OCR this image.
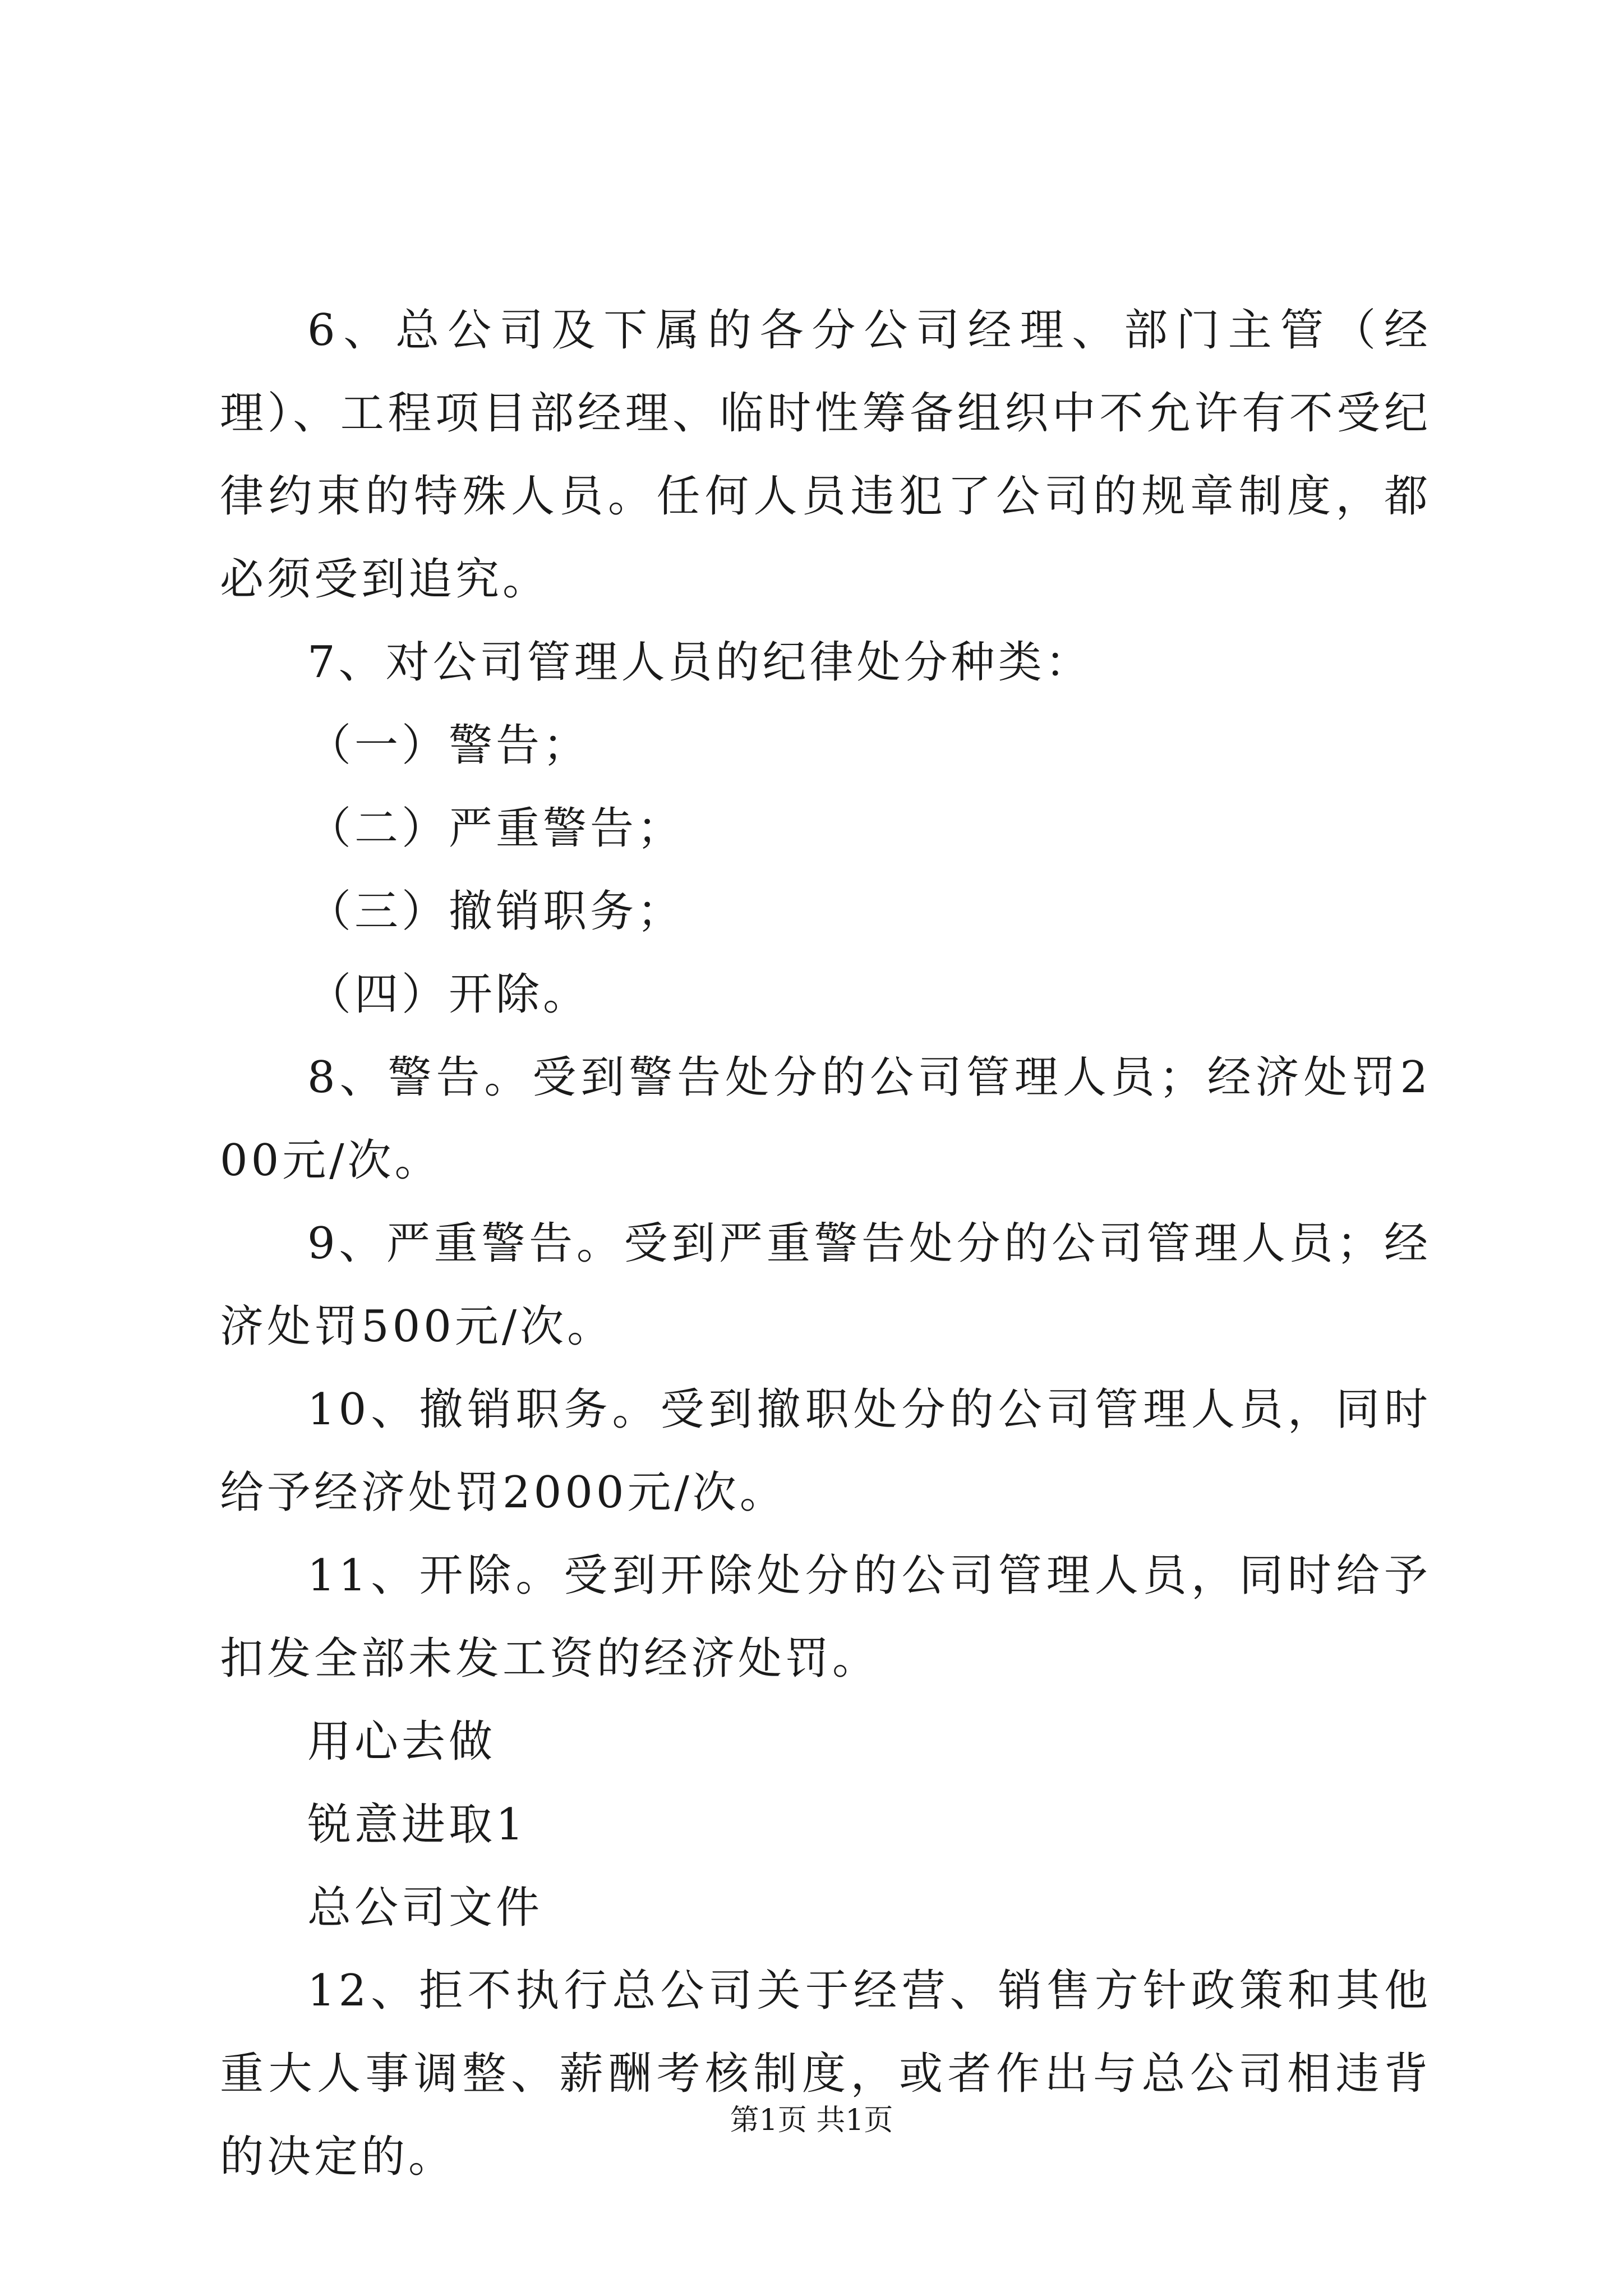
6、总公司及下属的各分公司经理、部门主管（经理）、工程项目部经理、临时性筹备组织中不允许有不受纪律约束的特殊人员。任何人员违犯了公司的规章制度，都必须受到追究。

7、对公司管理人员的纪律处分种类：

（一）警告；

（二）严重警告；

（三）撤销职务；

（四）开除。

8、警告。受到警告处分的公司管理人员；经济处罚200元/次。

9、严重警告。受到严重警告处分的公司管理人员；经济处罚500元/次。

10、撤销职务。受到撤职处分的公司管理人员，同时给予经济处罚2000元/次。

11、开除。受到开除处分的公司管理人员，同时给予扣发全部未发工资的经济处罚。

用心去做

锐意进取1

总公司文件

12、拒不执行总公司关于经营、销售方针政策和其他重大人事调整、薪酬考核制度，或者作出与总公司相违背的决定的。

第1页 共1页
